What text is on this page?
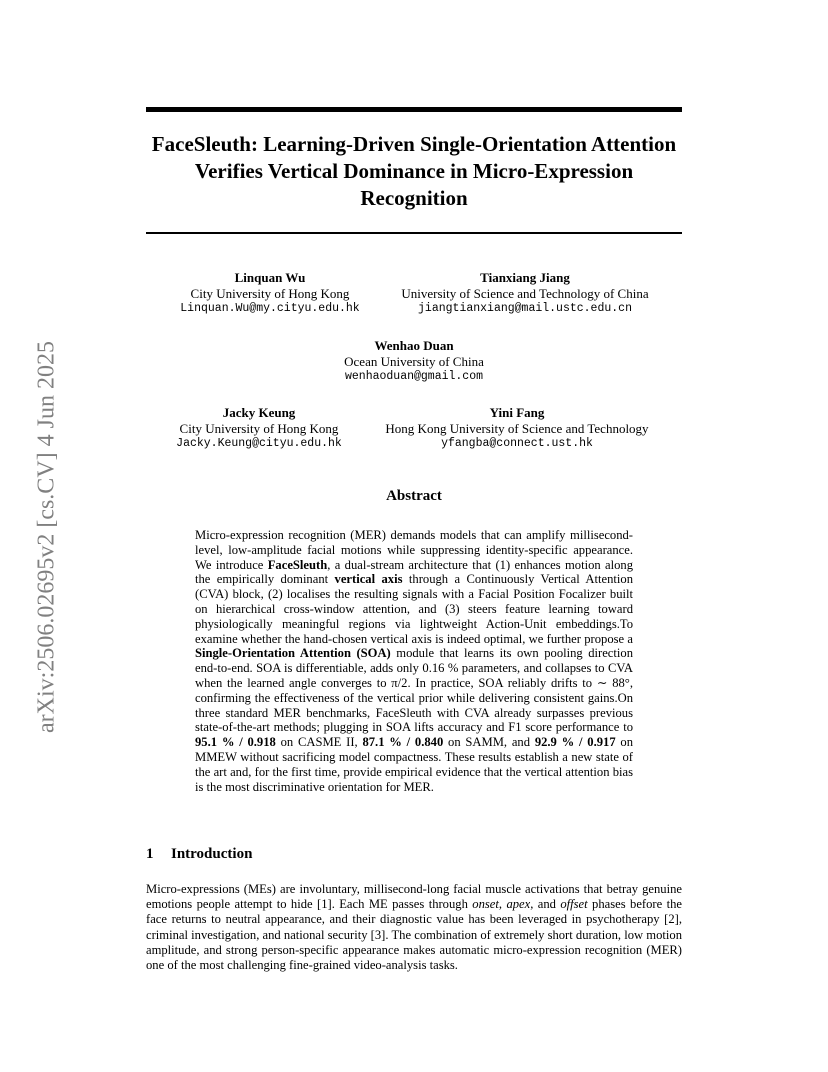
arXiv:2506.02695v2 [cs.CV] 4 Jun 2025
FaceSleuth: Learning-Driven Single-Orientation Attention Verifies Vertical Dominance in Micro-Expression Recognition
Linquan Wu
City University of Hong Kong
Linquan.Wu@my.cityu.edu.hk
Tianxiang Jiang
University of Science and Technology of China
jiangtianxiang@mail.ustc.edu.cn
Wenhao Duan
Ocean University of China
wenhaoduan@gmail.com
Jacky Keung
City University of Hong Kong
Jacky.Keung@cityu.edu.hk
Yini Fang
Hong Kong University of Science and Technology
yfangba@connect.ust.hk
Abstract
Micro-expression recognition (MER) demands models that can amplify millisecond-level, low-amplitude facial motions while suppressing identity-specific appearance. We introduce FaceSleuth, a dual-stream architecture that (1) enhances motion along the empirically dominant vertical axis through a Continuously Vertical Attention (CVA) block, (2) localises the resulting signals with a Facial Position Focalizer built on hierarchical cross-window attention, and (3) steers feature learning toward physiologically meaningful regions via lightweight Action-Unit embeddings.To examine whether the hand-chosen vertical axis is indeed optimal, we further propose a Single-Orientation Attention (SOA) module that learns its own pooling direction end-to-end. SOA is differentiable, adds only 0.16 % parameters, and collapses to CVA when the learned angle converges to π/2. In practice, SOA reliably drifts to ∼ 88°, confirming the effectiveness of the vertical prior while delivering consistent gains.On three standard MER benchmarks, FaceSleuth with CVA already surpasses previous state-of-the-art methods; plugging in SOA lifts accuracy and F1 score performance to 95.1 % / 0.918 on CASME II, 87.1 % / 0.840 on SAMM, and 92.9 % / 0.917 on MMEW without sacrificing model compactness. These results establish a new state of the art and, for the first time, provide empirical evidence that the vertical attention bias is the most discriminative orientation for MER.
1 Introduction
Micro-expressions (MEs) are involuntary, millisecond-long facial muscle activations that betray genuine emotions people attempt to hide [1]. Each ME passes through onset, apex, and offset phases before the face returns to neutral appearance, and their diagnostic value has been leveraged in psychotherapy [2], criminal investigation, and national security [3]. The combination of extremely short duration, low motion amplitude, and strong person-specific appearance makes automatic micro-expression recognition (MER) one of the most challenging fine-grained video-analysis tasks.
